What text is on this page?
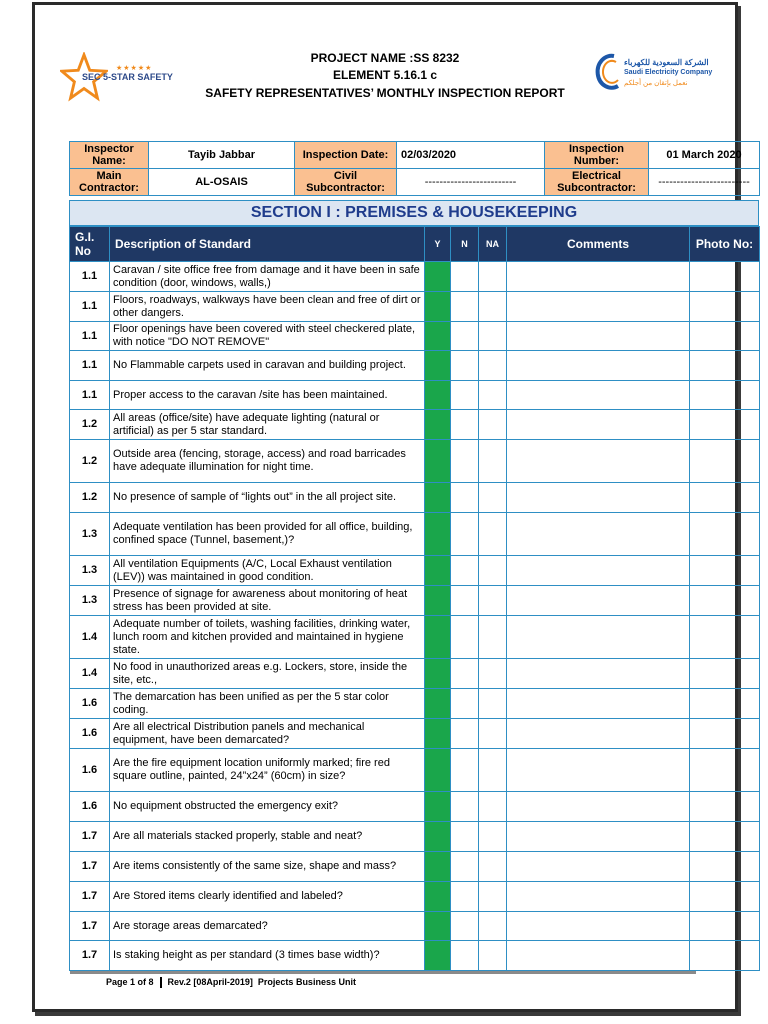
★★★★★
SEC 5-STAR SAFETY
PROJECT NAME :SS 8232
ELEMENT 5.16.1 c
SAFETY REPRESENTATIVES’ MONTHLY INSPECTION REPORT
الشركة السعودية للكهرباء
Saudi Electricity Company
نعمل بإتقان من أجلكم
Inspector Name:	Tayib Jabbar	Inspection Date:	02/03/2020	Inspection Number:	01 March 2020
Main Contractor:	AL-OSAIS	Civil Subcontractor:	-------------------------	Electrical Subcontractor:	-------------------------
SECTION I : PREMISES & HOUSEKEEPING
G.I. No	Description of Standard	Y	N	NA	Comments	Photo No:
1.1	Caravan / site office free from damage and it have been in safe condition (door, windows, walls,)					
1.1	Floors, roadways, walkways have been clean and free of dirt or other dangers.					
1.1	Floor openings have been covered with steel checkered plate, with notice "DO NOT REMOVE"					
1.1	No Flammable carpets used in caravan and building project.					
1.1	Proper access to the caravan /site has been maintained.					
1.2	All areas (office/site) have adequate lighting (natural or artificial) as per 5 star standard.					
1.2	Outside area (fencing, storage, access) and road barricades have adequate illumination for night time.					
1.2	No presence of sample of “lights out” in the all project site.					
1.3	Adequate ventilation has been provided for all office, building, confined space (Tunnel, basement,)?					
1.3	All ventilation Equipments (A/C, Local Exhaust ventilation (LEV)) was maintained in good condition.					
1.3	Presence of signage for awareness about monitoring of heat stress has been provided at site.					
1.4	Adequate number of toilets, washing facilities, drinking water, lunch room and kitchen provided and maintained in hygiene state.					
1.4	No food in unauthorized areas e.g. Lockers, store, inside the site, etc.,					
1.6	The demarcation has been unified as per the 5 star color coding.					
1.6	Are all electrical Distribution panels and mechanical equipment, have been demarcated?					
1.6	Are the fire equipment location uniformly marked; fire red square outline, painted, 24”x24” (60cm) in size?					
1.6	No equipment obstructed the emergency exit?					
1.7	Are all materials stacked properly, stable and neat?					
1.7	Are items consistently of the same size, shape and mass?					
1.7	Are Stored items clearly identified and labeled?					
1.7	Are storage areas demarcated?					
1.7	Is staking height as per standard (3 times base width)?					
Page 1 of 8 Rev.2 [08April-2019] Projects Business Unit
